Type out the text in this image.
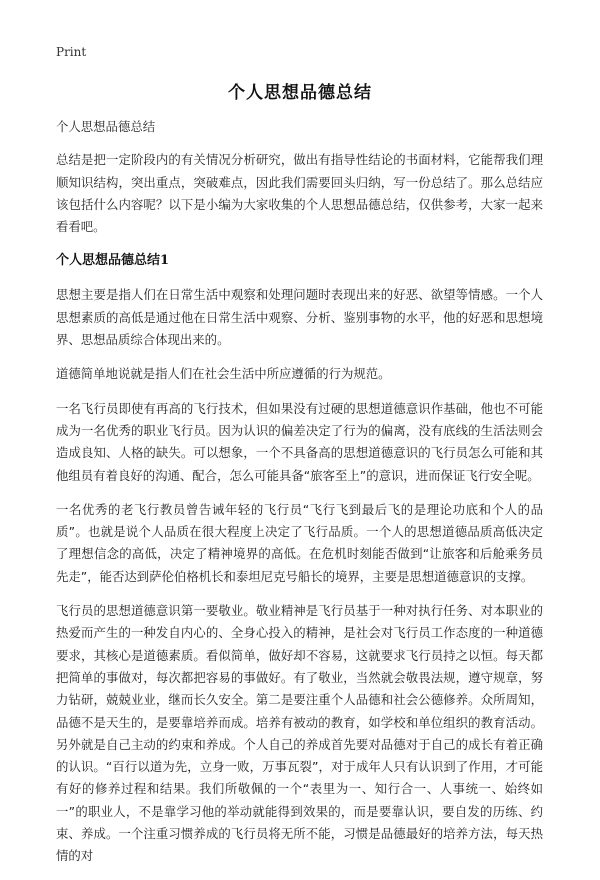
Print
个人思想品德总结

个人思想品德总结

总结是把一定阶段内的有关情况分析研究，做出有指导性结论的书面材料，它能帮我们理顺知识结构，突出重点，突破难点，因此我们需要回头归纳，写一份总结了。那么总结应该包括什么内容呢？以下是小编为大家收集的个人思想品德总结，仅供参考，大家一起来看看吧。

个人思想品德总结1

思想主要是指人们在日常生活中观察和处理问题时表现出来的好恶、欲望等情感。一个人思想素质的高低是通过他在日常生活中观察、分析、鉴别事物的水平，他的好恶和思想境界、思想品质综合体现出来的。

道德简单地说就是指人们在社会生活中所应遵循的行为规范。

一名飞行员即使有再高的飞行技术，但如果没有过硬的思想道德意识作基础，他也不可能成为一名优秀的职业飞行员。因为认识的偏差决定了行为的偏离，没有底线的生活法则会造成良知、人格的缺失。可以想象，一个不具备高的思想道德意识的飞行员怎么可能和其他组员有着良好的沟通、配合，怎么可能具备“旅客至上”的意识，进而保证飞行安全呢。

一名优秀的老飞行教员曾告诫年轻的飞行员“飞行飞到最后飞的是理论功底和个人的品质”。也就是说个人品质在很大程度上决定了飞行品质。一个人的思想道德品质高低决定了理想信念的高低，决定了精神境界的高低。在危机时刻能否做到“让旅客和后舱乘务员先走”，能否达到萨伦伯格机长和泰坦尼克号船长的境界，主要是思想道德意识的支撑。

飞行员的思想道德意识第一要敬业。敬业精神是飞行员基于一种对执行任务、对本职业的热爱而产生的一种发自内心的、全身心投入的精神，是社会对飞行员工作态度的一种道德要求，其核心是道德素质。看似简单，做好却不容易，这就要求飞行员持之以恒。每天都把简单的事做对，每次都把容易的事做好。有了敬业，当然就会敬畏法规，遵守规章，努力钻研，兢兢业业，继而长久安全。第二是要注重个人品德和社会公德修养。众所周知，品德不是天生的，是要靠培养而成。培养有被动的教育，如学校和单位组织的教育活动。另外就是自己主动的约束和养成。个人自己的养成首先要对品德对于自己的成长有着正确的认识。“百行以道为先，立身一败，万事瓦裂”，对于成年人只有认识到了作用，才可能有好的修养过程和结果。我们所敬佩的一个“表里为一、知行合一、人事统一、始终如一”的职业人，不是靠学习他的举动就能得到效果的，而是要靠认识，要自发的历练、约束、养成。一个注重习惯养成的飞行员将无所不能，习惯是品德最好的培养方法，每天热情的对
